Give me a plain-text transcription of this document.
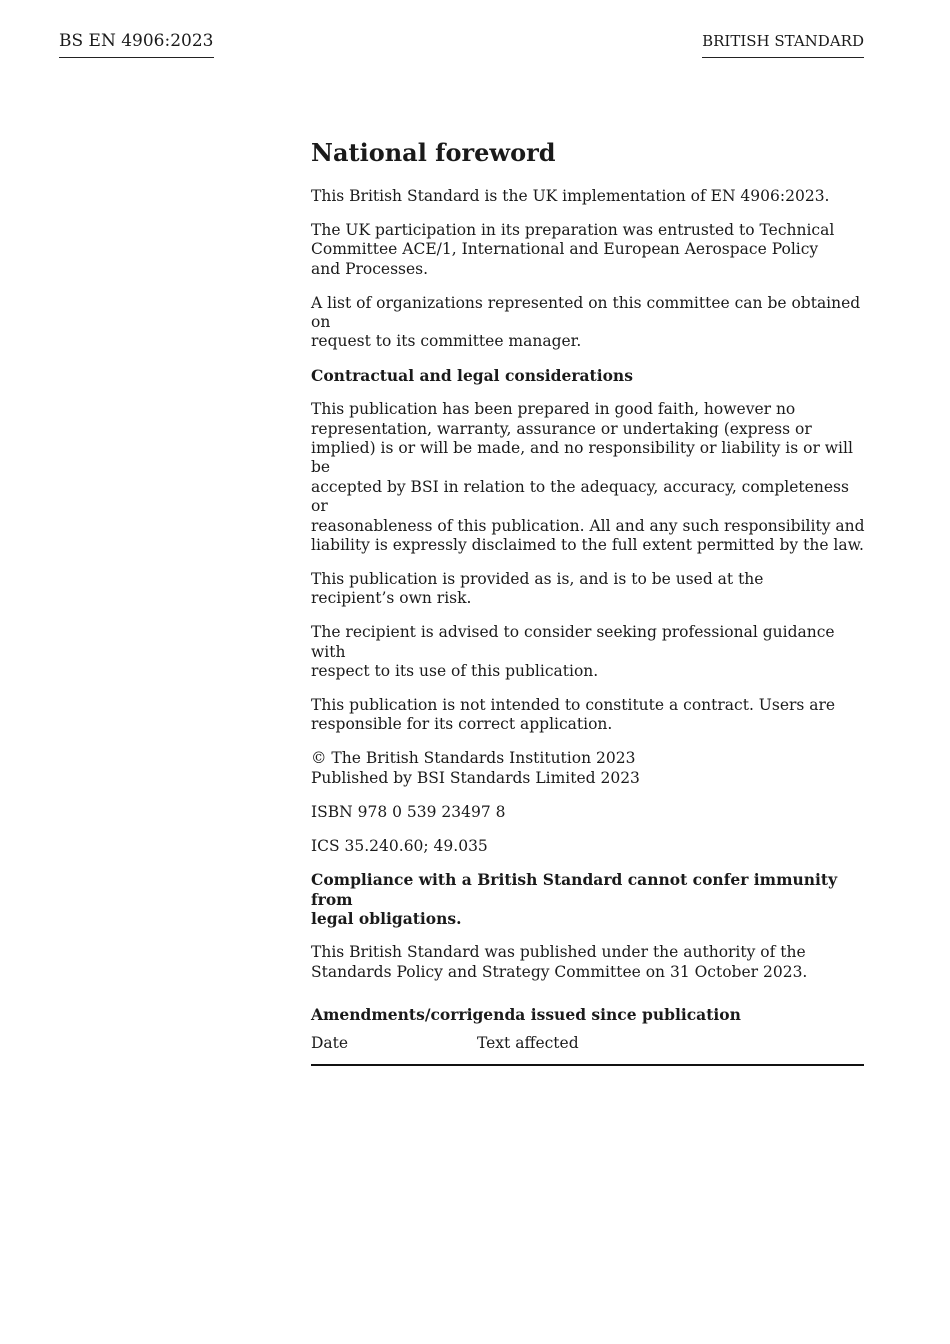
BS EN 4906:2023	BRITISH STANDARD
National foreword

This British Standard is the UK implementation of EN 4906:2023.

The UK participation in its preparation was entrusted to Technical
Committee ACE/1, International and European Aerospace Policy
and Processes.

A list of organizations represented on this committee can be obtained on
request to its committee manager.

Contractual and legal considerations

This publication has been prepared in good faith, however no
representation, warranty, assurance or undertaking (express or
implied) is or will be made, and no responsibility or liability is or will be
accepted by BSI in relation to the adequacy, accuracy, completeness or
reasonableness of this publication. All and any such responsibility and
liability is expressly disclaimed to the full extent permitted by the law.

This publication is provided as is, and is to be used at the
recipient’s own risk.

The recipient is advised to consider seeking professional guidance with
respect to its use of this publication.

This publication is not intended to constitute a contract. Users are
responsible for its correct application.

© The British Standards Institution 2023
Published by BSI Standards Limited 2023

ISBN 978 0 539 23497 8

ICS 35.240.60; 49.035

Compliance with a British Standard cannot confer immunity from
legal obligations.

This British Standard was published under the authority of the
Standards Policy and Strategy Committee on 31 October 2023.

Amendments/corrigenda issued since publication

Date	Text affected
